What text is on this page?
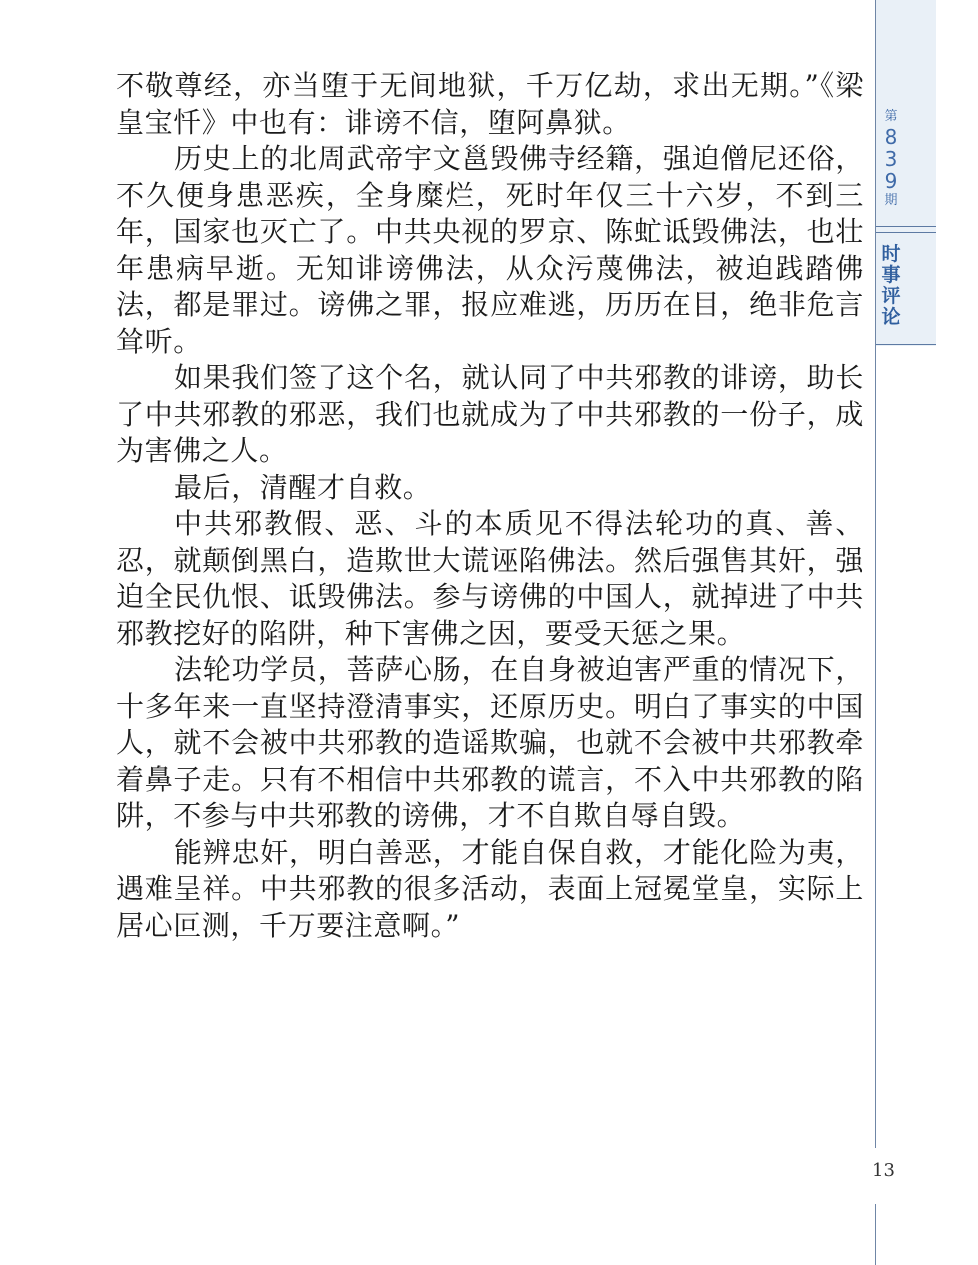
不敬尊经，亦当堕于无间地狱，千万亿劫，求出无期。”《梁皇宝忏》中也有：诽谤不信，堕阿鼻狱。

历史上的北周武帝宇文邕毁佛寺经籍，强迫僧尼还俗，不久便身患恶疾，全身糜烂，死时年仅三十六岁，不到三年，国家也灭亡了。中共央视的罗京、陈虻诋毁佛法，也壮年患病早逝。无知诽谤佛法，从众污蔑佛法，被迫践踏佛法，都是罪过。谤佛之罪，报应难逃，历历在目，绝非危言耸听。

如果我们签了这个名，就认同了中共邪教的诽谤，助长了中共邪教的邪恶，我们也就成为了中共邪教的一份子，成为害佛之人。

最后，清醒才自救。

中共邪教假、恶、斗的本质见不得法轮功的真、善、忍，就颠倒黑白，造欺世大谎诬陷佛法。然后强售其奸，强迫全民仇恨、诋毁佛法。参与谤佛的中国人，就掉进了中共邪教挖好的陷阱，种下害佛之因，要受天惩之果。

法轮功学员，菩萨心肠，在自身被迫害严重的情况下，十多年来一直坚持澄清事实，还原历史。明白了事实的中国人，就不会被中共邪教的造谣欺骗，也就不会被中共邪教牵着鼻子走。只有不相信中共邪教的谎言，不入中共邪教的陷阱，不参与中共邪教的谤佛，才不自欺自辱自毁。

能辨忠奸，明白善恶，才能自保自救，才能化险为夷，遇难呈祥。中共邪教的很多活动，表面上冠冕堂皇，实际上居心叵测，千万要注意啊。”

第
8
3
9
期
时
事
评
论
13
